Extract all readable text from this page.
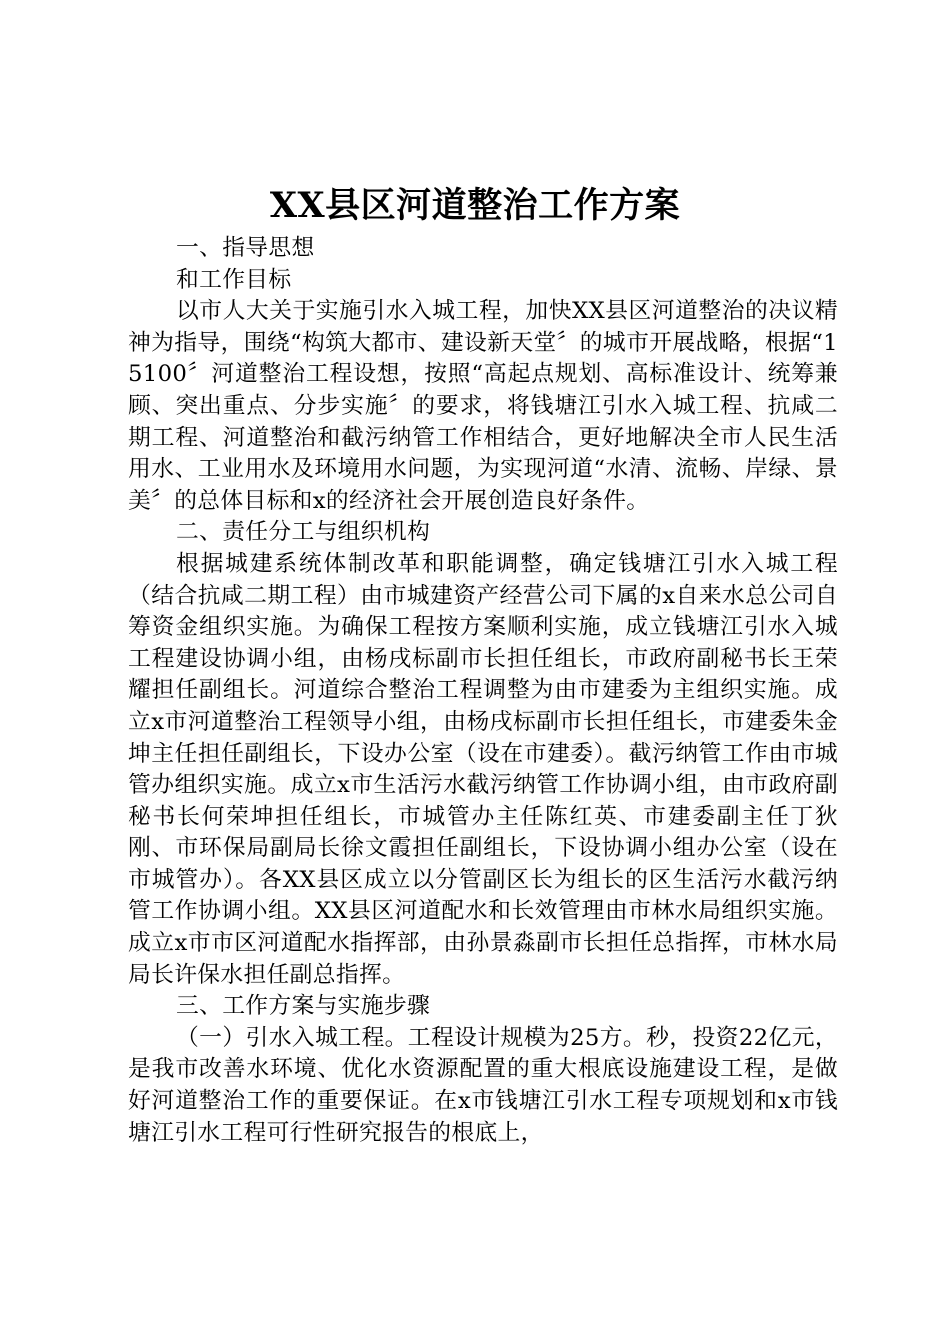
XX县区河道整治工作方案

一、指导思想

和工作目标

以市人大关于实施引水入城工程，加快XX县区河道整治的决议精神为指导，围绕“构筑大都市、建设新天堂〞的城市开展战略，根据“15100〞河道整治工程设想，按照“高起点规划、高标准设计、统筹兼顾、突出重点、分步实施〞的要求，将钱塘江引水入城工程、抗咸二期工程、河道整治和截污纳管工作相结合，更好地解决全市人民生活用水、工业用水及环境用水问题，为实现河道“水清、流畅、岸绿、景美〞的总体目标和x的经济社会开展创造良好条件。

二、责任分工与组织机构

根据城建系统体制改革和职能调整，确定钱塘江引水入城工程（结合抗咸二期工程）由市城建资产经营公司下属的x自来水总公司自筹资金组织实施。为确保工程按方案顺利实施，成立钱塘江引水入城工程建设协调小组，由杨戌标副市长担任组长，市政府副秘书长王荣耀担任副组长。河道综合整治工程调整为由市建委为主组织实施。成立x市河道整治工程领导小组，由杨戌标副市长担任组长，市建委朱金坤主任担任副组长，下设办公室（设在市建委）。截污纳管工作由市城管办组织实施。成立x市生活污水截污纳管工作协调小组，由市政府副秘书长何荣坤担任组长，市城管办主任陈红英、市建委副主任丁狄刚、市环保局副局长徐文霞担任副组长，下设协调小组办公室（设在市城管办）。各XX县区成立以分管副区长为组长的区生活污水截污纳管工作协调小组。XX县区河道配水和长效管理由市林水局组织实施。成立x市市区河道配水指挥部，由孙景淼副市长担任总指挥，市林水局局长许保水担任副总指挥。

三、工作方案与实施步骤

（一）引水入城工程。工程设计规模为25方。秒，投资22亿元，是我市改善水环境、优化水资源配置的重大根底设施建设工程，是做好河道整治工作的重要保证。在x市钱塘江引水工程专项规划和x市钱塘江引水工程可行性研究报告的根底上，
